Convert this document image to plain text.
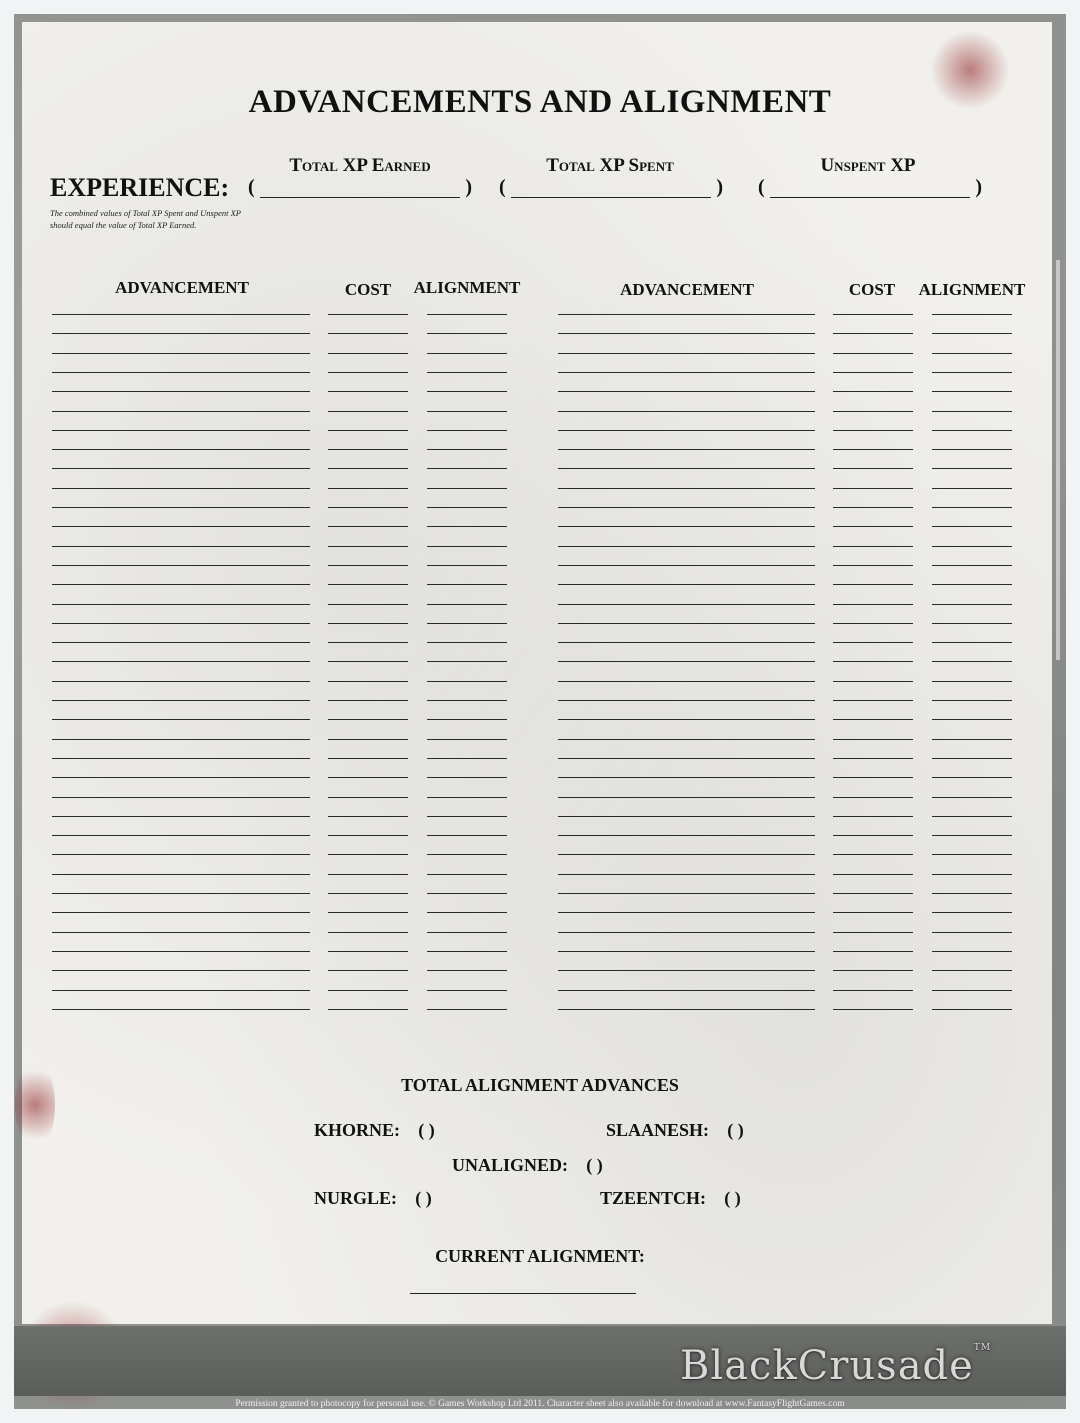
ADVANCEMENTS AND ALIGNMENT
EXPERIENCE:
The combined values of Total XP Spent and Unspent XP should equal the value of Total XP Earned.
Total XP Earned	Total XP Spent	Unspent XP
(	) (	) (	)
ADVANCEMENT	COST	ALIGNMENT	ADVANCEMENT	COST	ALIGNMENT
TOTAL ALIGNMENT ADVANCES
KHORNE: ( )	SLAANESH: ( )
UNALIGNED: ( )
NURGLE: ( )	TZEENTCH: ( )
CURRENT ALIGNMENT:
BlackCrusade™
Permission granted to photocopy for personal use. © Games Workshop Ltd 2011. Character sheet also available for download at www.FantasyFlightGames.com
